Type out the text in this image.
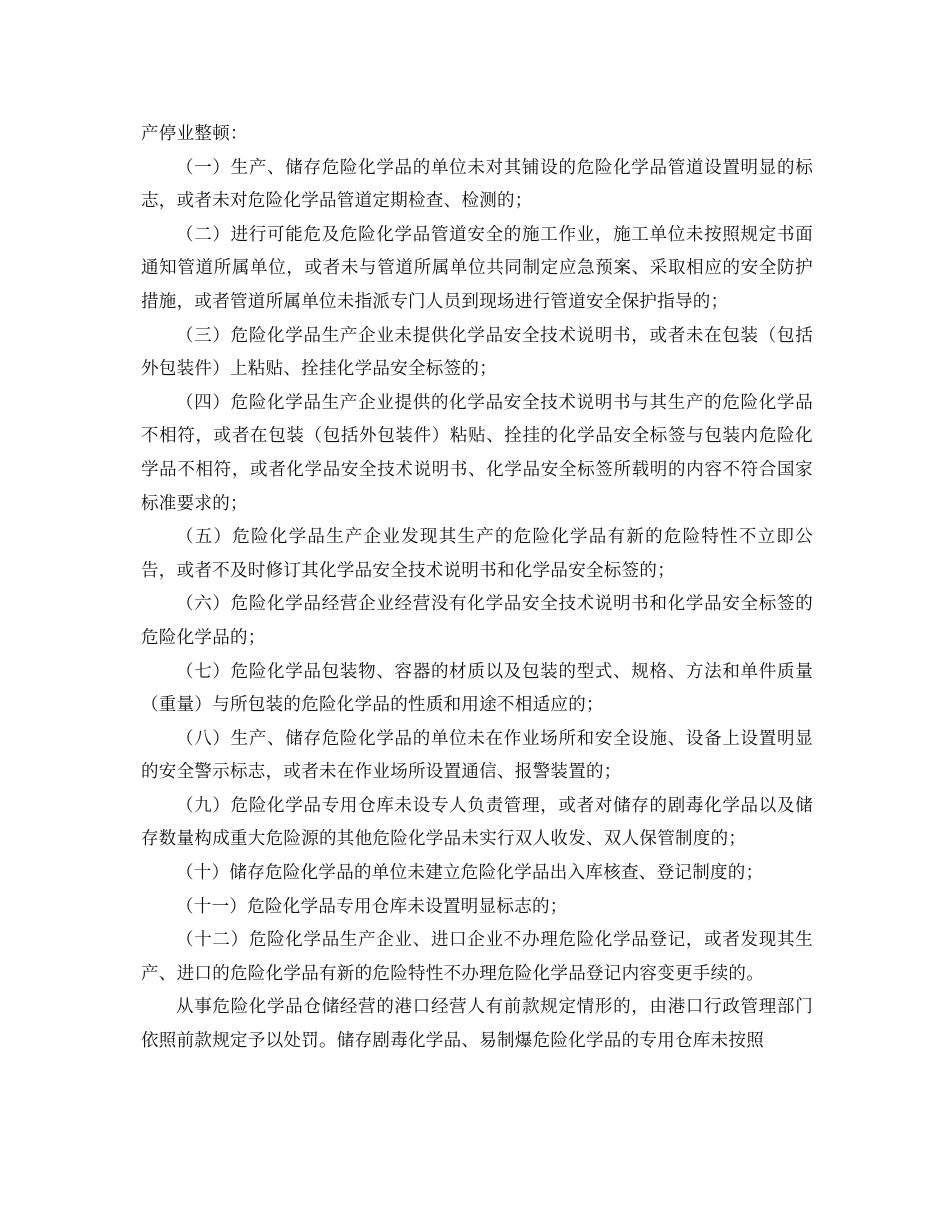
产停业整顿：

（一）生产、储存危险化学品的单位未对其铺设的危险化学品管道设置明显的标志，或者未对危险化学品管道定期检查、检测的；

（二）进行可能危及危险化学品管道安全的施工作业，施工单位未按照规定书面通知管道所属单位，或者未与管道所属单位共同制定应急预案、采取相应的安全防护措施，或者管道所属单位未指派专门人员到现场进行管道安全保护指导的；

（三）危险化学品生产企业未提供化学品安全技术说明书，或者未在包装（包括外包装件）上粘贴、拴挂化学品安全标签的；

（四）危险化学品生产企业提供的化学品安全技术说明书与其生产的危险化学品不相符，或者在包装（包括外包装件）粘贴、拴挂的化学品安全标签与包装内危险化学品不相符，或者化学品安全技术说明书、化学品安全标签所载明的内容不符合国家标准要求的；

（五）危险化学品生产企业发现其生产的危险化学品有新的危险特性不立即公告，或者不及时修订其化学品安全技术说明书和化学品安全标签的；

（六）危险化学品经营企业经营没有化学品安全技术说明书和化学品安全标签的危险化学品的；

（七）危险化学品包装物、容器的材质以及包装的型式、规格、方法和单件质量（重量）与所包装的危险化学品的性质和用途不相适应的；

（八）生产、储存危险化学品的单位未在作业场所和安全设施、设备上设置明显的安全警示标志，或者未在作业场所设置通信、报警装置的；

（九）危险化学品专用仓库未设专人负责管理，或者对储存的剧毒化学品以及储存数量构成重大危险源的其他危险化学品未实行双人收发、双人保管制度的；

（十）储存危险化学品的单位未建立危险化学品出入库核查、登记制度的；

（十一）危险化学品专用仓库未设置明显标志的；

（十二）危险化学品生产企业、进口企业不办理危险化学品登记，或者发现其生产、进口的危险化学品有新的危险特性不办理危险化学品登记内容变更手续的。

从事危险化学品仓储经营的港口经营人有前款规定情形的，由港口行政管理部门依照前款规定予以处罚。储存剧毒化学品、易制爆危险化学品的专用仓库未按照
